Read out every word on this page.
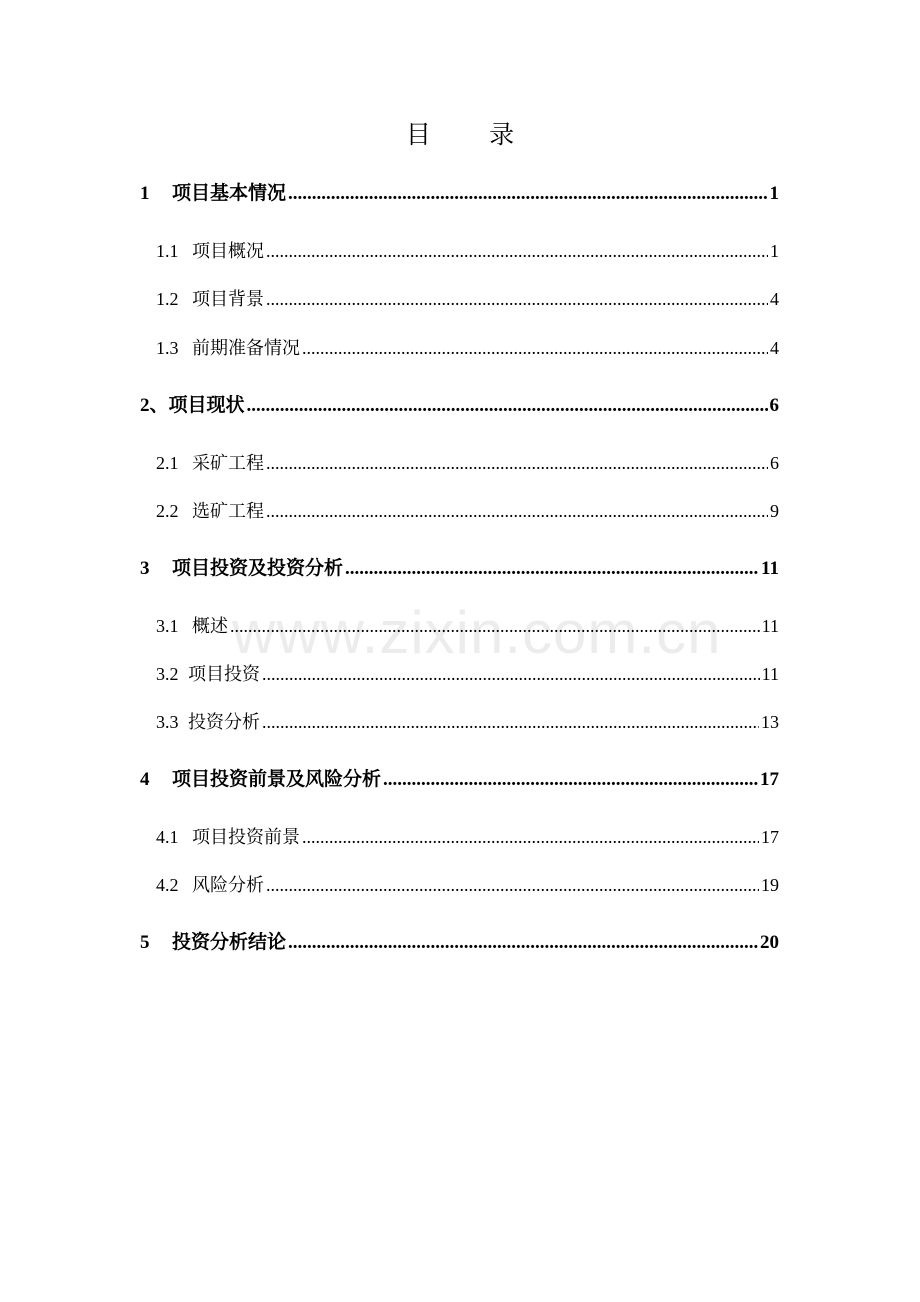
目 录
1	项目基本情况 .....	1
1.1 项目概况 .....	1
1.2 项目背景 .....	4
1.3 前期准备情况 .....	4
2、 项目现状 .....	6
2.1 采矿工程 .....	6
2.2 选矿工程 .....	9
3	项目投资及投资分析 .....	11
3.1 概述 .....	11
3.2 项目投资 .....	11
3.3 投资分析 .....	13
4	项目投资前景及风险分析 .....	17
4.1 项目投资前景 .....	17
4.2 风险分析 .....	19
5	投资分析结论 .....	20
www.zixin.com.cn
